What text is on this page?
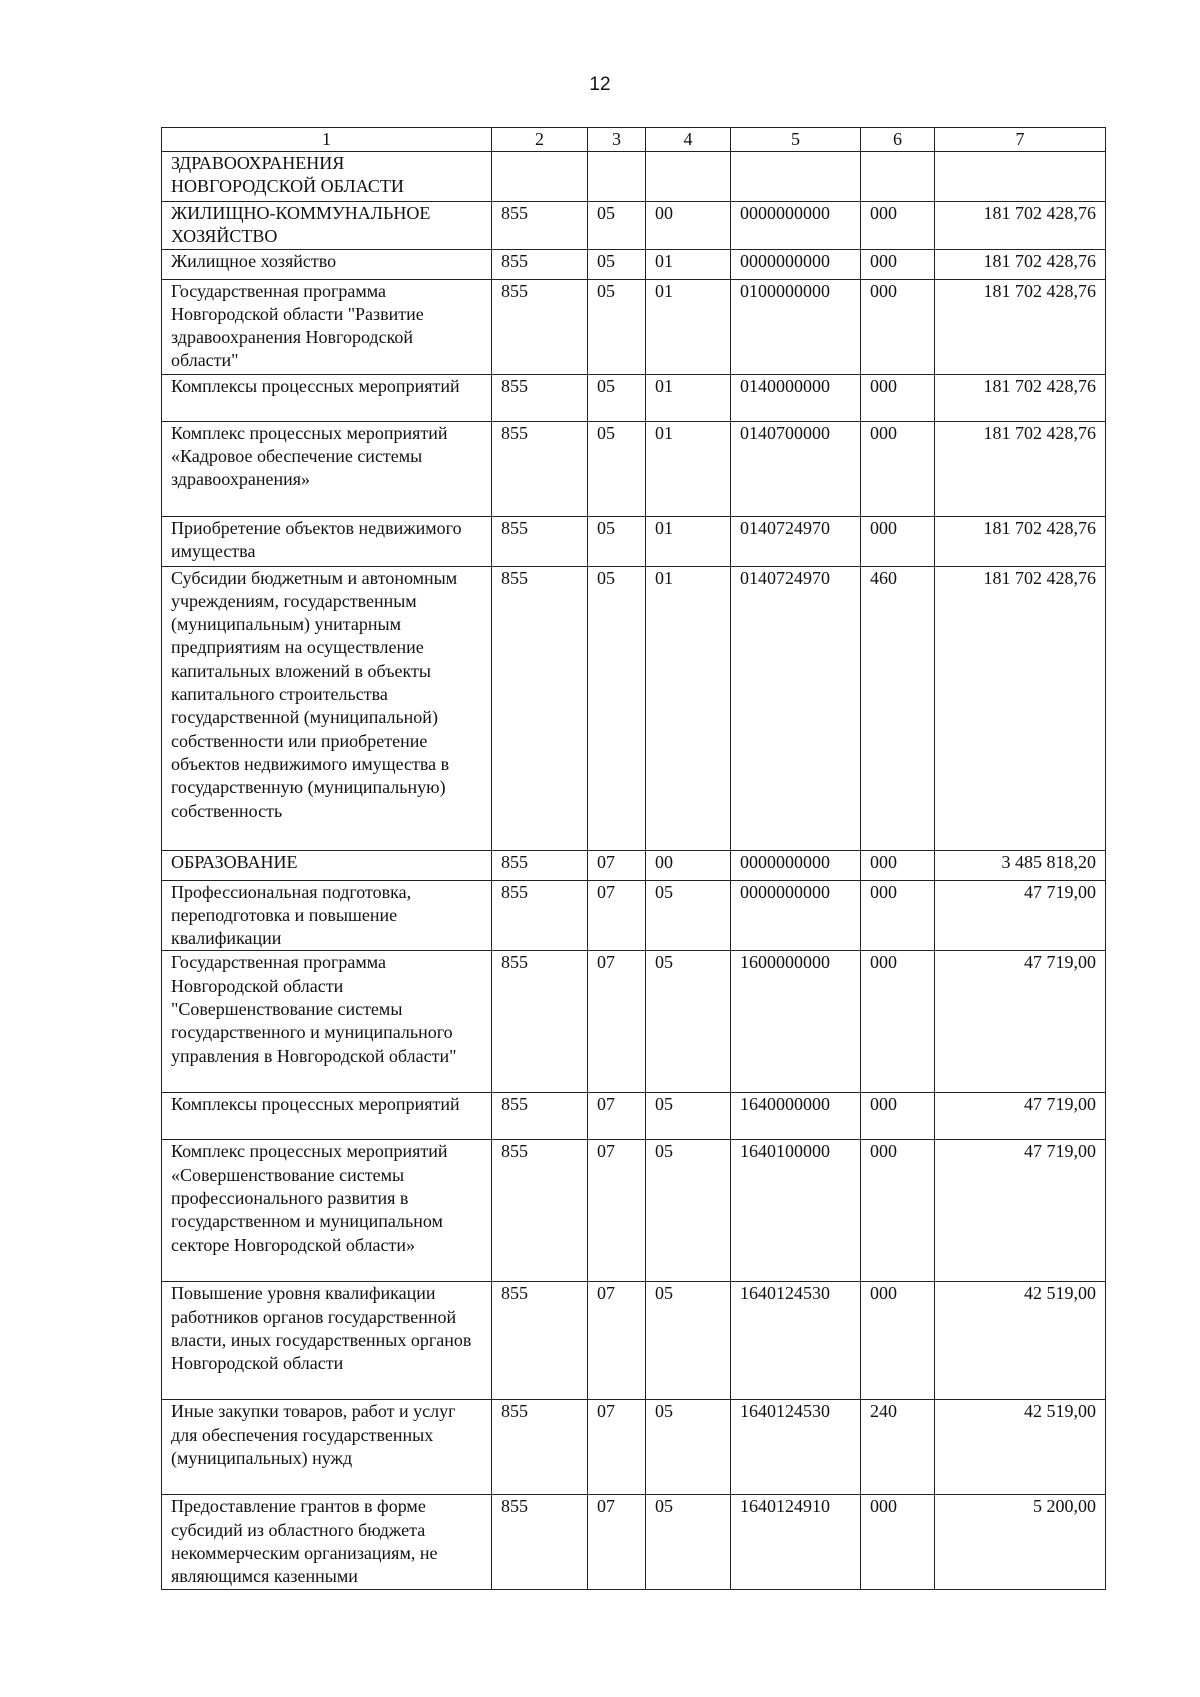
12
1	2	3	4	5	6	7
ЗДРАВООХРАНЕНИЯ НОВГОРОДСКОЙ ОБЛАСТИ						
ЖИЛИЩНО-КОММУНАЛЬНОЕ ХОЗЯЙСТВО	855	05	00	0000000000	000	181 702 428,76
Жилищное хозяйство	855	05	01	0000000000	000	181 702 428,76
Государственная программа Новгородской области "Развитие здравоохранения Новгородской области"	855	05	01	0100000000	000	181 702 428,76
Комплексы процессных мероприятий	855	05	01	0140000000	000	181 702 428,76
Комплекс процессных мероприятий «Кадровое обеспечение системы здравоохранения»	855	05	01	0140700000	000	181 702 428,76
Приобретение объектов недвижимого имущества	855	05	01	0140724970	000	181 702 428,76
Субсидии бюджетным и автономным учреждениям, государственным (муниципальным) унитарным предприятиям на осуществление капитальных вложений в объекты капитального строительства государственной (муниципальной) собственности или приобретение объектов недвижимого имущества в государственную (муниципальную) собственность	855	05	01	0140724970	460	181 702 428,76
ОБРАЗОВАНИЕ	855	07	00	0000000000	000	3 485 818,20
Профессиональная подготовка, переподготовка и повышение квалификации	855	07	05	0000000000	000	47 719,00
Государственная программа Новгородской области "Совершенствование системы государственного и муниципального управления в Новгородской области"	855	07	05	1600000000	000	47 719,00
Комплексы процессных мероприятий	855	07	05	1640000000	000	47 719,00
Комплекс процессных мероприятий «Совершенствование системы профессионального развития в государственном и муниципальном секторе Новгородской области»	855	07	05	1640100000	000	47 719,00
Повышение уровня квалификации работников органов государственной власти, иных государственных органов Новгородской области	855	07	05	1640124530	000	42 519,00
Иные закупки товаров, работ и услуг для обеспечения государственных (муниципальных) нужд	855	07	05	1640124530	240	42 519,00
Предоставление грантов в форме субсидий из областного бюджета некоммерческим организациям, не являющимся казенными	855	07	05	1640124910	000	5 200,00
